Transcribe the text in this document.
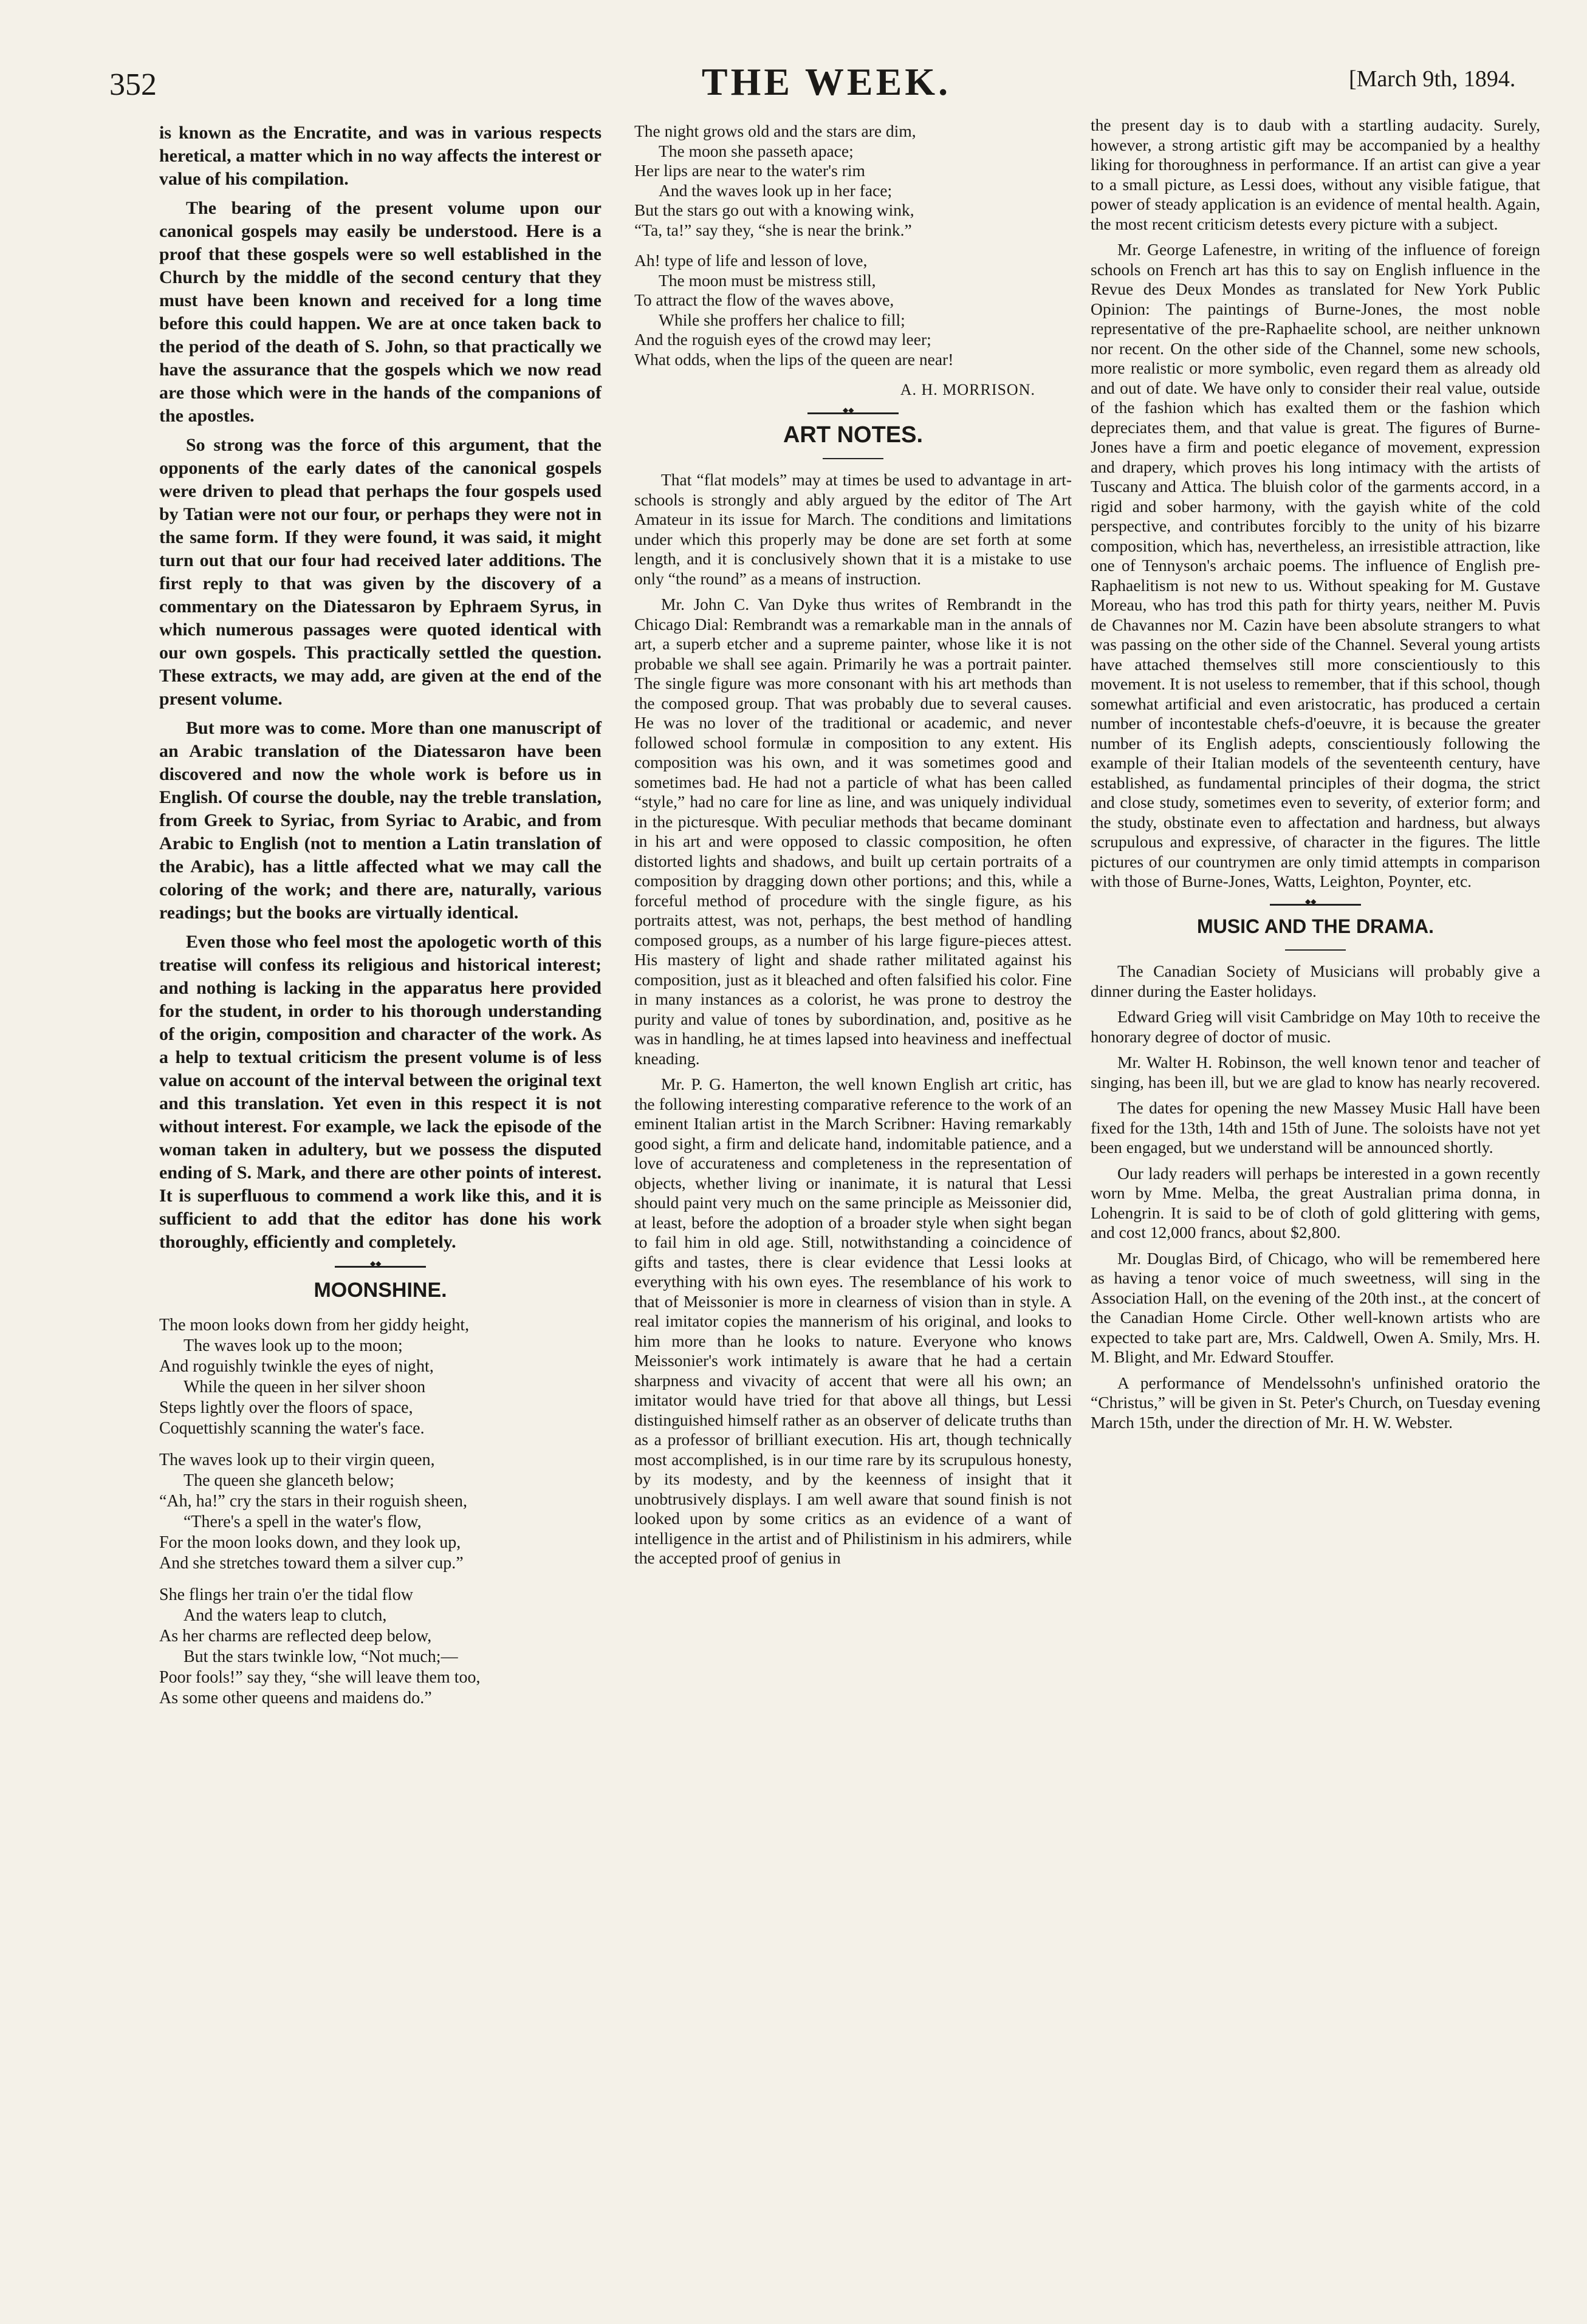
352	THE WEEK.	[March 9th, 1894.

is known as the Encratite, and was in various respects heretical, a matter which in no way affects the interest or value of his compilation.

The bearing of the present volume upon our canonical gospels may easily be understood. Here is a proof that these gospels were so well established in the Church by the middle of the second century that they must have been known and received for a long time before this could happen. We are at once taken back to the period of the death of S. John, so that practically we have the assurance that the gospels which we now read are those which were in the hands of the companions of the apostles.

So strong was the force of this argument, that the opponents of the early dates of the canonical gospels were driven to plead that perhaps the four gospels used by Tatian were not our four, or perhaps they were not in the same form. If they were found, it was said, it might turn out that our four had received later additions. The first reply to that was given by the discovery of a commentary on the Diatessaron by Ephraem Syrus, in which numerous passages were quoted identical with our own gospels. This practically settled the question. These extracts, we may add, are given at the end of the present volume.

But more was to come. More than one manuscript of an Arabic translation of the Diatessaron have been discovered and now the whole work is before us in English. Of course the double, nay the treble translation, from Greek to Syriac, from Syriac to Arabic, and from Arabic to English (not to mention a Latin translation of the Arabic), has a little affected what we may call the coloring of the work; and there are, naturally, various readings; but the books are virtually identical.

Even those who feel most the apologetic worth of this treatise will confess its religious and historical interest; and nothing is lacking in the apparatus here provided for the student, in order to his thorough understanding of the origin, composition and character of the work. As a help to textual criticism the present volume is of less value on account of the interval between the original text and this translation. Yet even in this respect it is not without interest. For example, we lack the episode of the woman taken in adultery, but we possess the disputed ending of S. Mark, and there are other points of interest. It is superfluous to commend a work like this, and it is sufficient to add that the editor has done his work thoroughly, efficiently and completely.

◆◆
MOONSHINE.
The moon looks down from her giddy height,
The waves look up to the moon;
And roguishly twinkle the eyes of night,
While the queen in her silver shoon
Steps lightly over the floors of space,
Coquettishly scanning the water's face.
The waves look up to their virgin queen,
The queen she glanceth below;
“Ah, ha!” cry the stars in their roguish sheen,
“There's a spell in the water's flow,
For the moon looks down, and they look up,
And she stretches toward them a silver cup.”
She flings her train o'er the tidal flow
And the waters leap to clutch,
As her charms are reflected deep below,
But the stars twinkle low, “Not much;—
Poor fools!” say they, “she will leave them too,
As some other queens and maidens do.”
The night grows old and the stars are dim,
The moon she passeth apace;
Her lips are near to the water's rim
And the waves look up in her face;
But the stars go out with a knowing wink,
“Ta, ta!” say they, “she is near the brink.”
Ah! type of life and lesson of love,
The moon must be mistress still,
To attract the flow of the waves above,
While she proffers her chalice to fill;
And the roguish eyes of the crowd may leer;
What odds, when the lips of the queen are near!
A. H. MORRISON.
◆◆
ART NOTES.

That “flat models” may at times be used to advantage in art-schools is strongly and ably argued by the editor of The Art Amateur in its issue for March. The conditions and limitations under which this properly may be done are set forth at some length, and it is conclusively shown that it is a mistake to use only “the round” as a means of instruction.

Mr. John C. Van Dyke thus writes of Rembrandt in the Chicago Dial: Rembrandt was a remarkable man in the annals of art, a superb etcher and a supreme painter, whose like it is not probable we shall see again. Primarily he was a portrait painter. The single figure was more consonant with his art methods than the composed group. That was probably due to several causes. He was no lover of the traditional or academic, and never followed school formulæ in composition to any extent. His composition was his own, and it was sometimes good and sometimes bad. He had not a particle of what has been called “style,” had no care for line as line, and was uniquely individual in the picturesque. With peculiar methods that became dominant in his art and were opposed to classic composition, he often distorted lights and shadows, and built up certain portraits of a composition by dragging down other portions; and this, while a forceful method of procedure with the single figure, as his portraits attest, was not, perhaps, the best method of handling composed groups, as a number of his large figure-pieces attest. His mastery of light and shade rather militated against his composition, just as it bleached and often falsified his color. Fine in many instances as a colorist, he was prone to destroy the purity and value of tones by subordination, and, positive as he was in handling, he at times lapsed into heaviness and ineffectual kneading.

Mr. P. G. Hamerton, the well known English art critic, has the following interesting comparative reference to the work of an eminent Italian artist in the March Scribner: Having remarkably good sight, a firm and delicate hand, indomitable patience, and a love of accurateness and completeness in the representation of objects, whether living or inanimate, it is natural that Lessi should paint very much on the same principle as Meissonier did, at least, before the adoption of a broader style when sight began to fail him in old age. Still, notwithstanding a coincidence of gifts and tastes, there is clear evidence that Lessi looks at everything with his own eyes. The resemblance of his work to that of Meissonier is more in clearness of vision than in style. A real imitator copies the mannerism of his original, and looks to him more than he looks to nature. Everyone who knows Meissonier's work intimately is aware that he had a certain sharpness and vivacity of accent that were all his own; an imitator would have tried for that above all things, but Lessi distinguished himself rather as an observer of delicate truths than as a professor of brilliant execution. His art, though technically most accomplished, is in our time rare by its scrupulous honesty, by its modesty, and by the keenness of insight that it unobtrusively displays. I am well aware that sound finish is not looked upon by some critics as an evidence of a want of intelligence in the artist and of Philistinism in his admirers, while the accepted proof of genius in

the present day is to daub with a startling audacity. Surely, however, a strong artistic gift may be accompanied by a healthy liking for thoroughness in performance. If an artist can give a year to a small picture, as Lessi does, without any visible fatigue, that power of steady application is an evidence of mental health. Again, the most recent criticism detests every picture with a subject.

Mr. George Lafenestre, in writing of the influence of foreign schools on French art has this to say on English influence in the Revue des Deux Mondes as translated for New York Public Opinion: The paintings of Burne-Jones, the most noble representative of the pre-Raphaelite school, are neither unknown nor recent. On the other side of the Channel, some new schools, more realistic or more symbolic, even regard them as already old and out of date. We have only to consider their real value, outside of the fashion which has exalted them or the fashion which depreciates them, and that value is great. The figures of Burne-Jones have a firm and poetic elegance of movement, expression and drapery, which proves his long intimacy with the artists of Tuscany and Attica. The bluish color of the garments accord, in a rigid and sober harmony, with the gayish white of the cold perspective, and contributes forcibly to the unity of his bizarre composition, which has, nevertheless, an irresistible attraction, like one of Tennyson's archaic poems. The influence of English pre-Raphaelitism is not new to us. Without speaking for M. Gustave Moreau, who has trod this path for thirty years, neither M. Puvis de Chavannes nor M. Cazin have been absolute strangers to what was passing on the other side of the Channel. Several young artists have attached themselves still more conscientiously to this movement. It is not useless to remember, that if this school, though somewhat artificial and even aristocratic, has produced a certain number of incontestable chefs-d'oeuvre, it is because the greater number of its English adepts, conscientiously following the example of their Italian models of the seventeenth century, have established, as fundamental principles of their dogma, the strict and close study, sometimes even to severity, of exterior form; and the study, obstinate even to affectation and hardness, but always scrupulous and expressive, of character in the figures. The little pictures of our countrymen are only timid attempts in comparison with those of Burne-Jones, Watts, Leighton, Poynter, etc.

◆◆
MUSIC AND THE DRAMA.

The Canadian Society of Musicians will probably give a dinner during the Easter holidays.

Edward Grieg will visit Cambridge on May 10th to receive the honorary degree of doctor of music.

Mr. Walter H. Robinson, the well known tenor and teacher of singing, has been ill, but we are glad to know has nearly recovered.

The dates for opening the new Massey Music Hall have been fixed for the 13th, 14th and 15th of June. The soloists have not yet been engaged, but we understand will be announced shortly.

Our lady readers will perhaps be interested in a gown recently worn by Mme. Melba, the great Australian prima donna, in Lohengrin. It is said to be of cloth of gold glittering with gems, and cost 12,000 francs, about $2,800.

Mr. Douglas Bird, of Chicago, who will be remembered here as having a tenor voice of much sweetness, will sing in the Association Hall, on the evening of the 20th inst., at the concert of the Canadian Home Circle. Other well-known artists who are expected to take part are, Mrs. Caldwell, Owen A. Smily, Mrs. H. M. Blight, and Mr. Edward Stouffer.

A performance of Mendelssohn's unfinished oratorio the “Christus,” will be given in St. Peter's Church, on Tuesday evening March 15th, under the direction of Mr. H. W. Webster.
